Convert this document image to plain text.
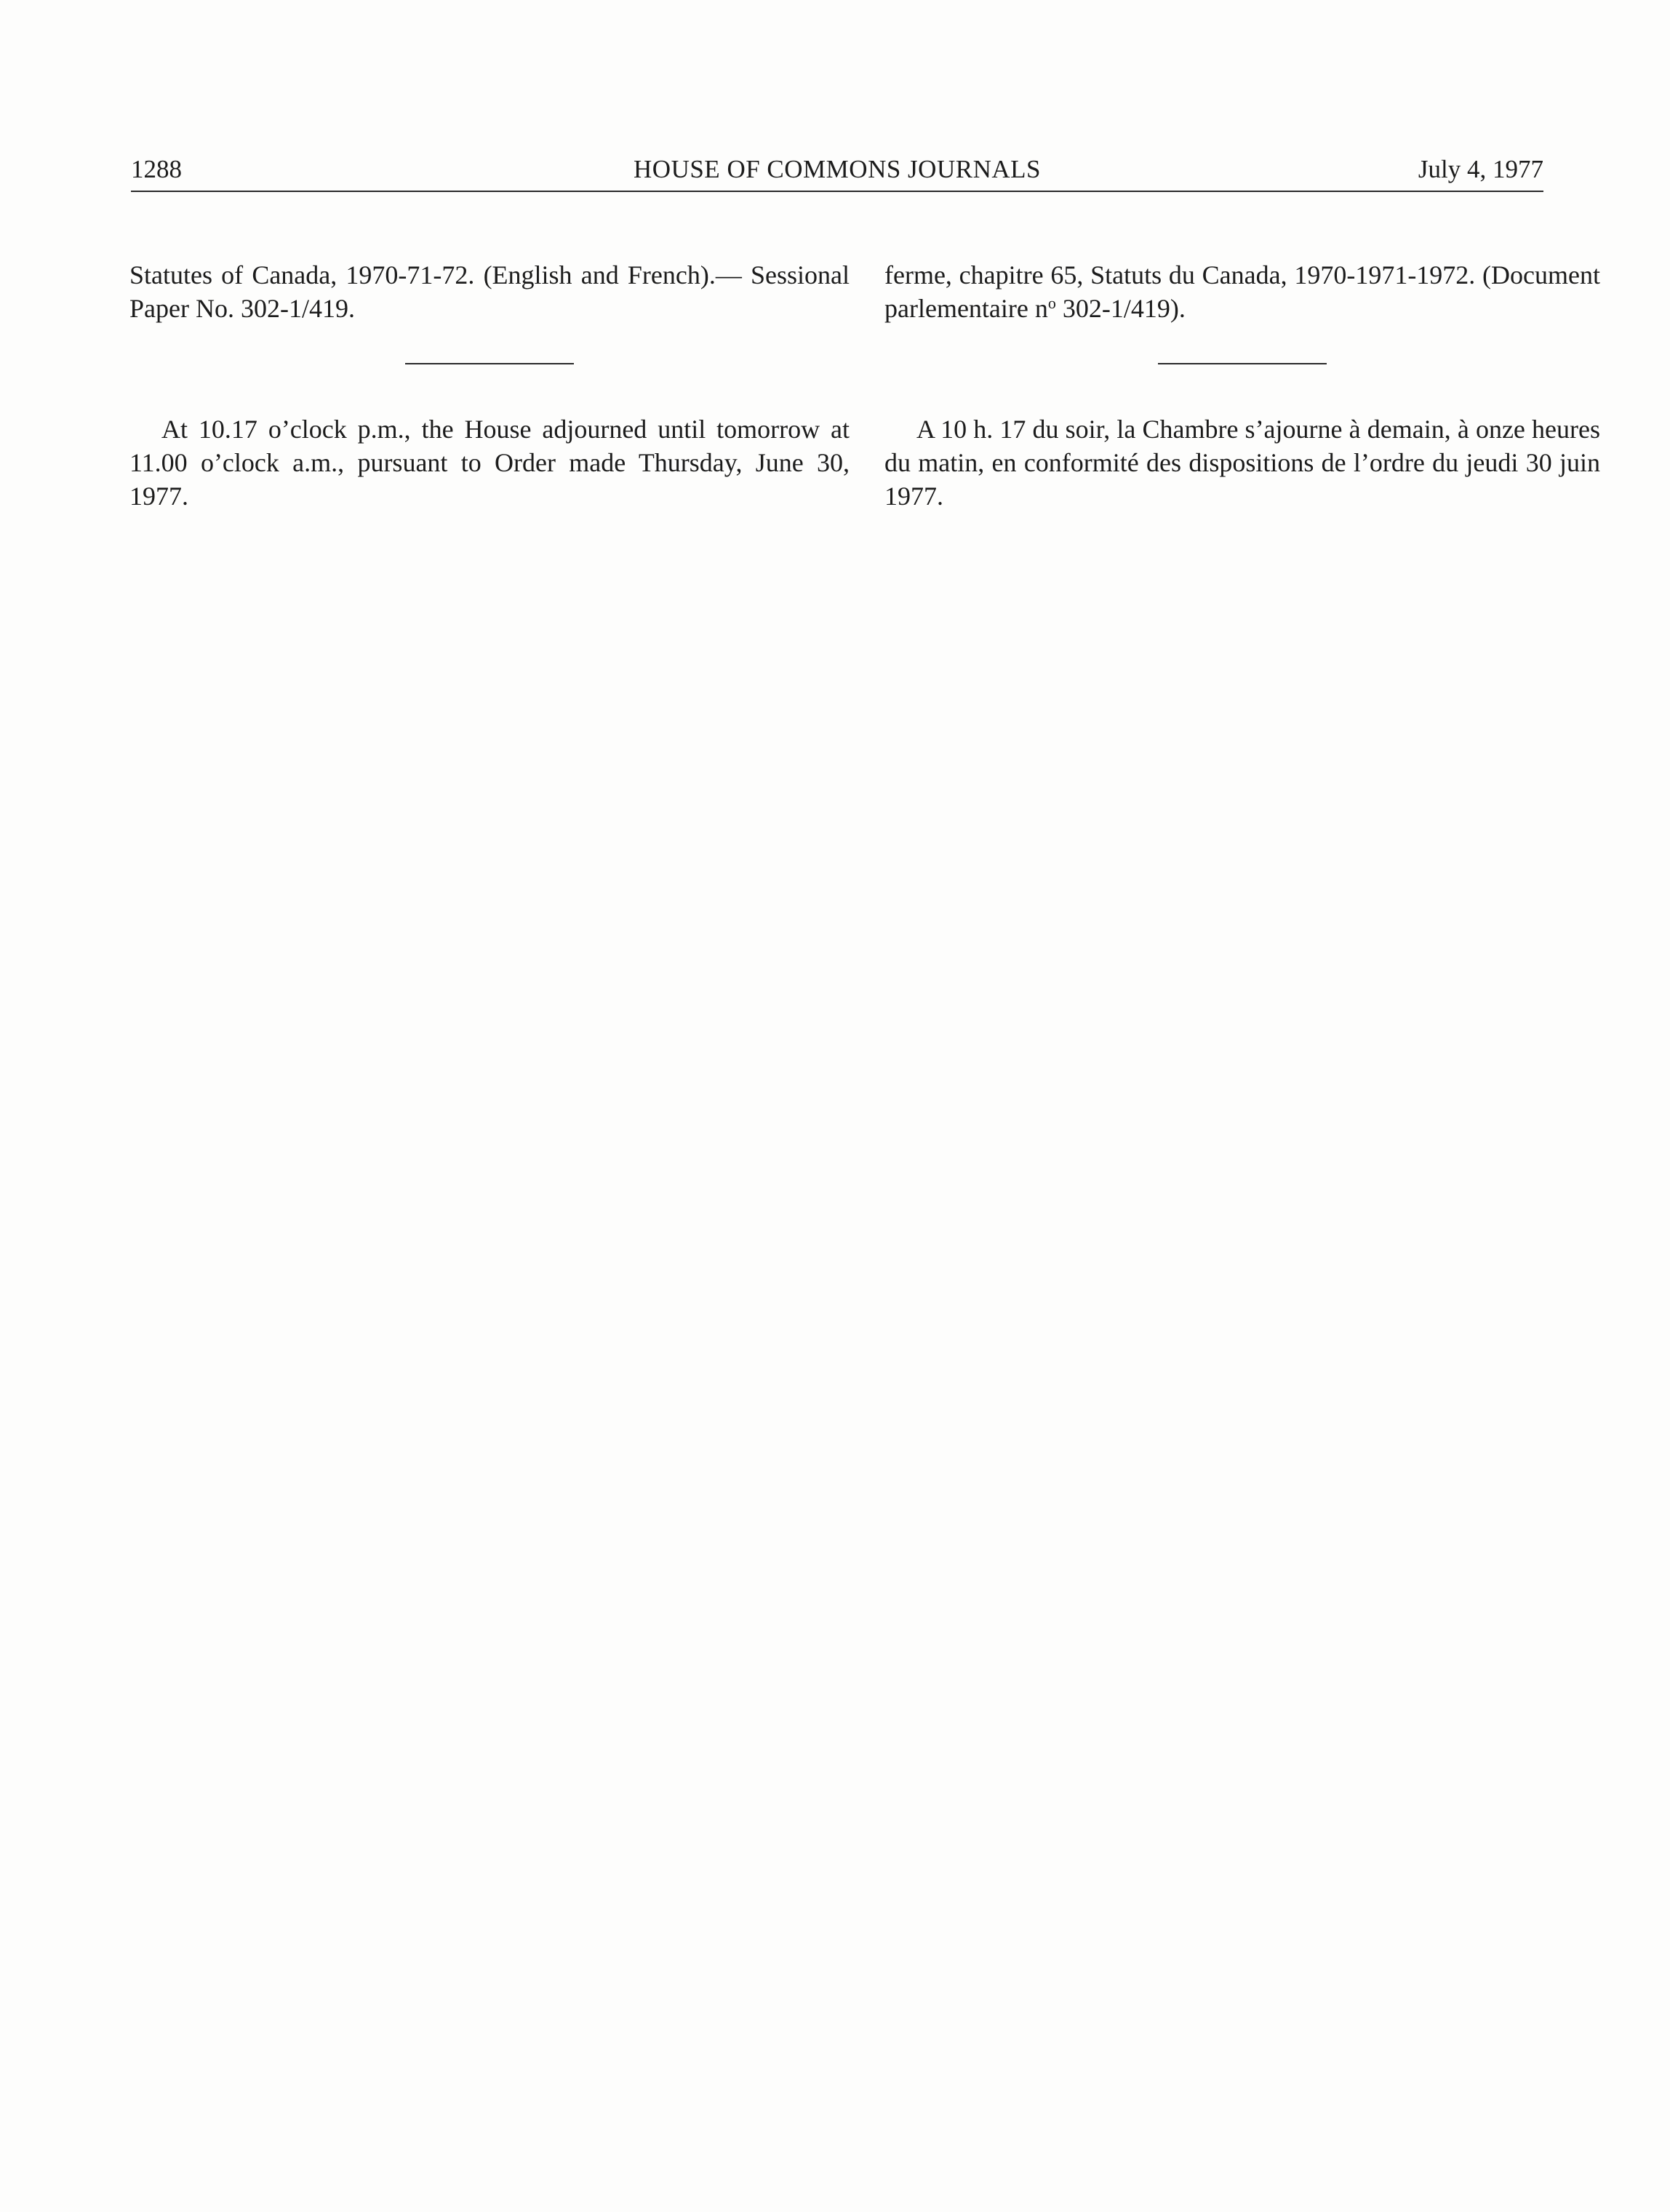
1288	HOUSE OF COMMONS JOURNALS	July 4, 1977

Statutes of Canada, 1970-71-72. (English and French).— Sessional Paper No. 302-1/419.

At 10.17 o’clock p.m., the House adjourned until tomorrow at 11.00 o’clock a.m., pursuant to Order made Thursday, June 30, 1977.

ferme, chapitre 65, Statuts du Canada, 1970-1971-1972. (Document parlementaire $n^o$ 302-1/419).

A 10 h. 17 du soir, la Chambre s’ajourne à demain, à onze heures du matin, en conformité des dispositions de l’ordre du jeudi 30 juin 1977.
